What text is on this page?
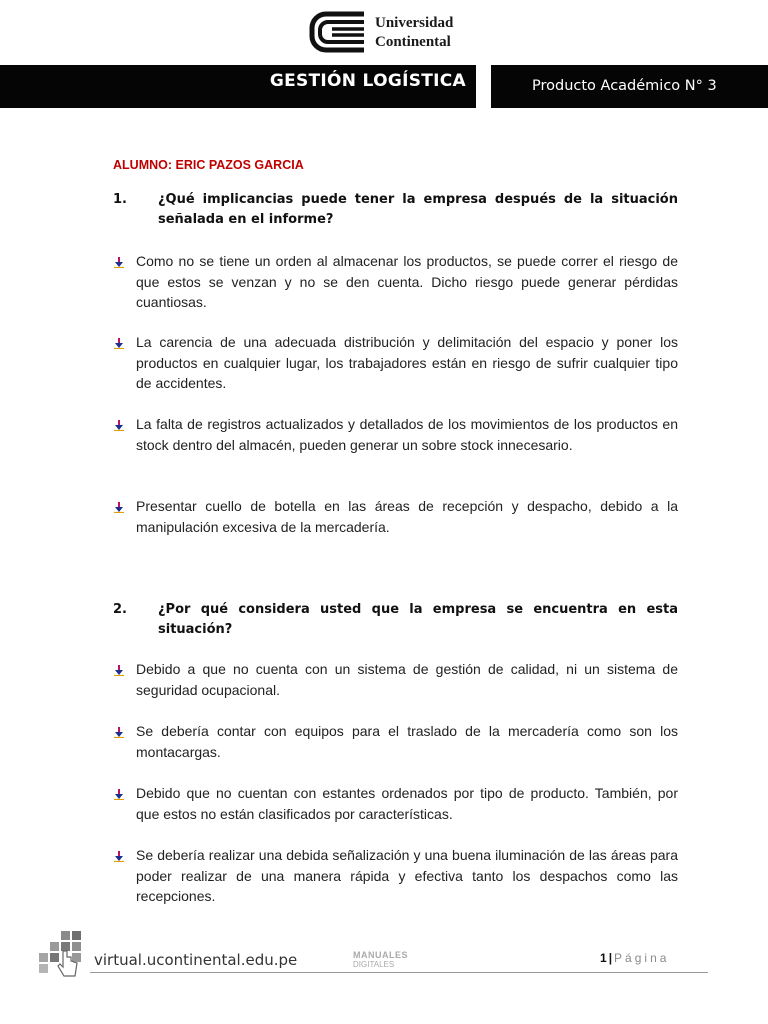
Universidad
Continental
GESTIÓN LOGÍSTICA	Producto Académico N° 3
ALUMNO: ERIC PAZOS GARCIA
1. ¿Qué implicancias puede tener la empresa después de la situación señalada en el informe?
Como no se tiene un orden al almacenar los productos, se puede correr el riesgo de que estos se venzan y no se den cuenta. Dicho riesgo puede generar pérdidas cuantiosas.
La carencia de una adecuada distribución y delimitación del espacio y poner los productos en cualquier lugar, los trabajadores están en riesgo de sufrir cualquier tipo de accidentes.
La falta de registros actualizados y detallados de los movimientos de los productos en stock dentro del almacén, pueden generar un sobre stock innecesario.
Presentar cuello de botella en las áreas de recepción y despacho, debido a la manipulación excesiva de la mercadería.
2. ¿Por qué considera usted que la empresa se encuentra en esta situación?
Debido a que no cuenta con un sistema de gestión de calidad, ni un sistema de seguridad ocupacional.
Se debería contar con equipos para el traslado de la mercadería como son los montacargas.
Debido que no cuentan con estantes ordenados por tipo de producto. También, por que estos no están clasificados por características.
Se debería realizar una debida señalización y una buena iluminación de las áreas para poder realizar de una manera rápida y efectiva tanto los despachos como las recepciones.
virtual.ucontinental.edu.pe	MANUALES
DIGITALES	1 | Página
